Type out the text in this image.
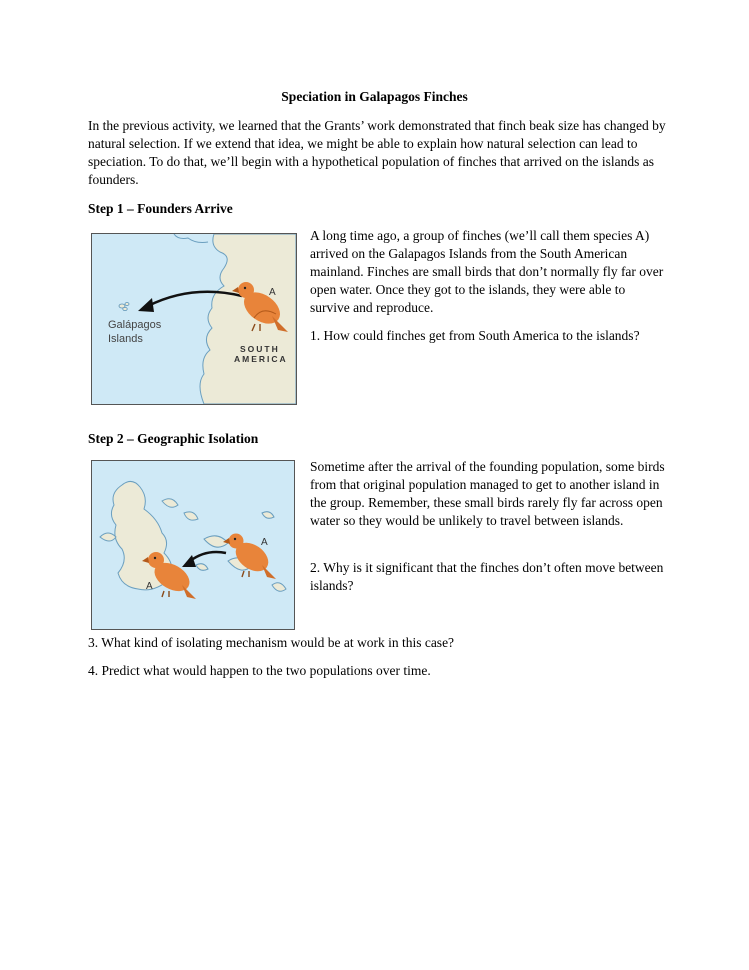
Speciation in Galapagos Finches
In the previous activity, we learned that the Grants’ work demonstrated that finch beak size has changed by natural selection. If we extend that idea, we might be able to explain how natural selection can lead to speciation. To do that, we’ll begin with a hypothetical population of finches that arrived on the islands as founders.
Step 1 – Founders Arrive
A
Galápagos
Islands
SOUTH
AMERICA
A long time ago, a group of finches (we’ll call them species A) arrived on the Galapagos Islands from the South American mainland. Finches are small birds that don’t normally fly far over open water. Once they got to the islands, they were able to survive and reproduce.
1. How could finches get from South America to the islands?
Step 2 – Geographic Isolation
A
A
Sometime after the arrival of the founding population, some birds from that original population managed to get to another island in the group. Remember, these small birds rarely fly far across open water so they would be unlikely to travel between islands.
2. Why is it significant that the finches don’t often move between islands?
3. What kind of isolating mechanism would be at work in this case?
4. Predict what would happen to the two populations over time.
